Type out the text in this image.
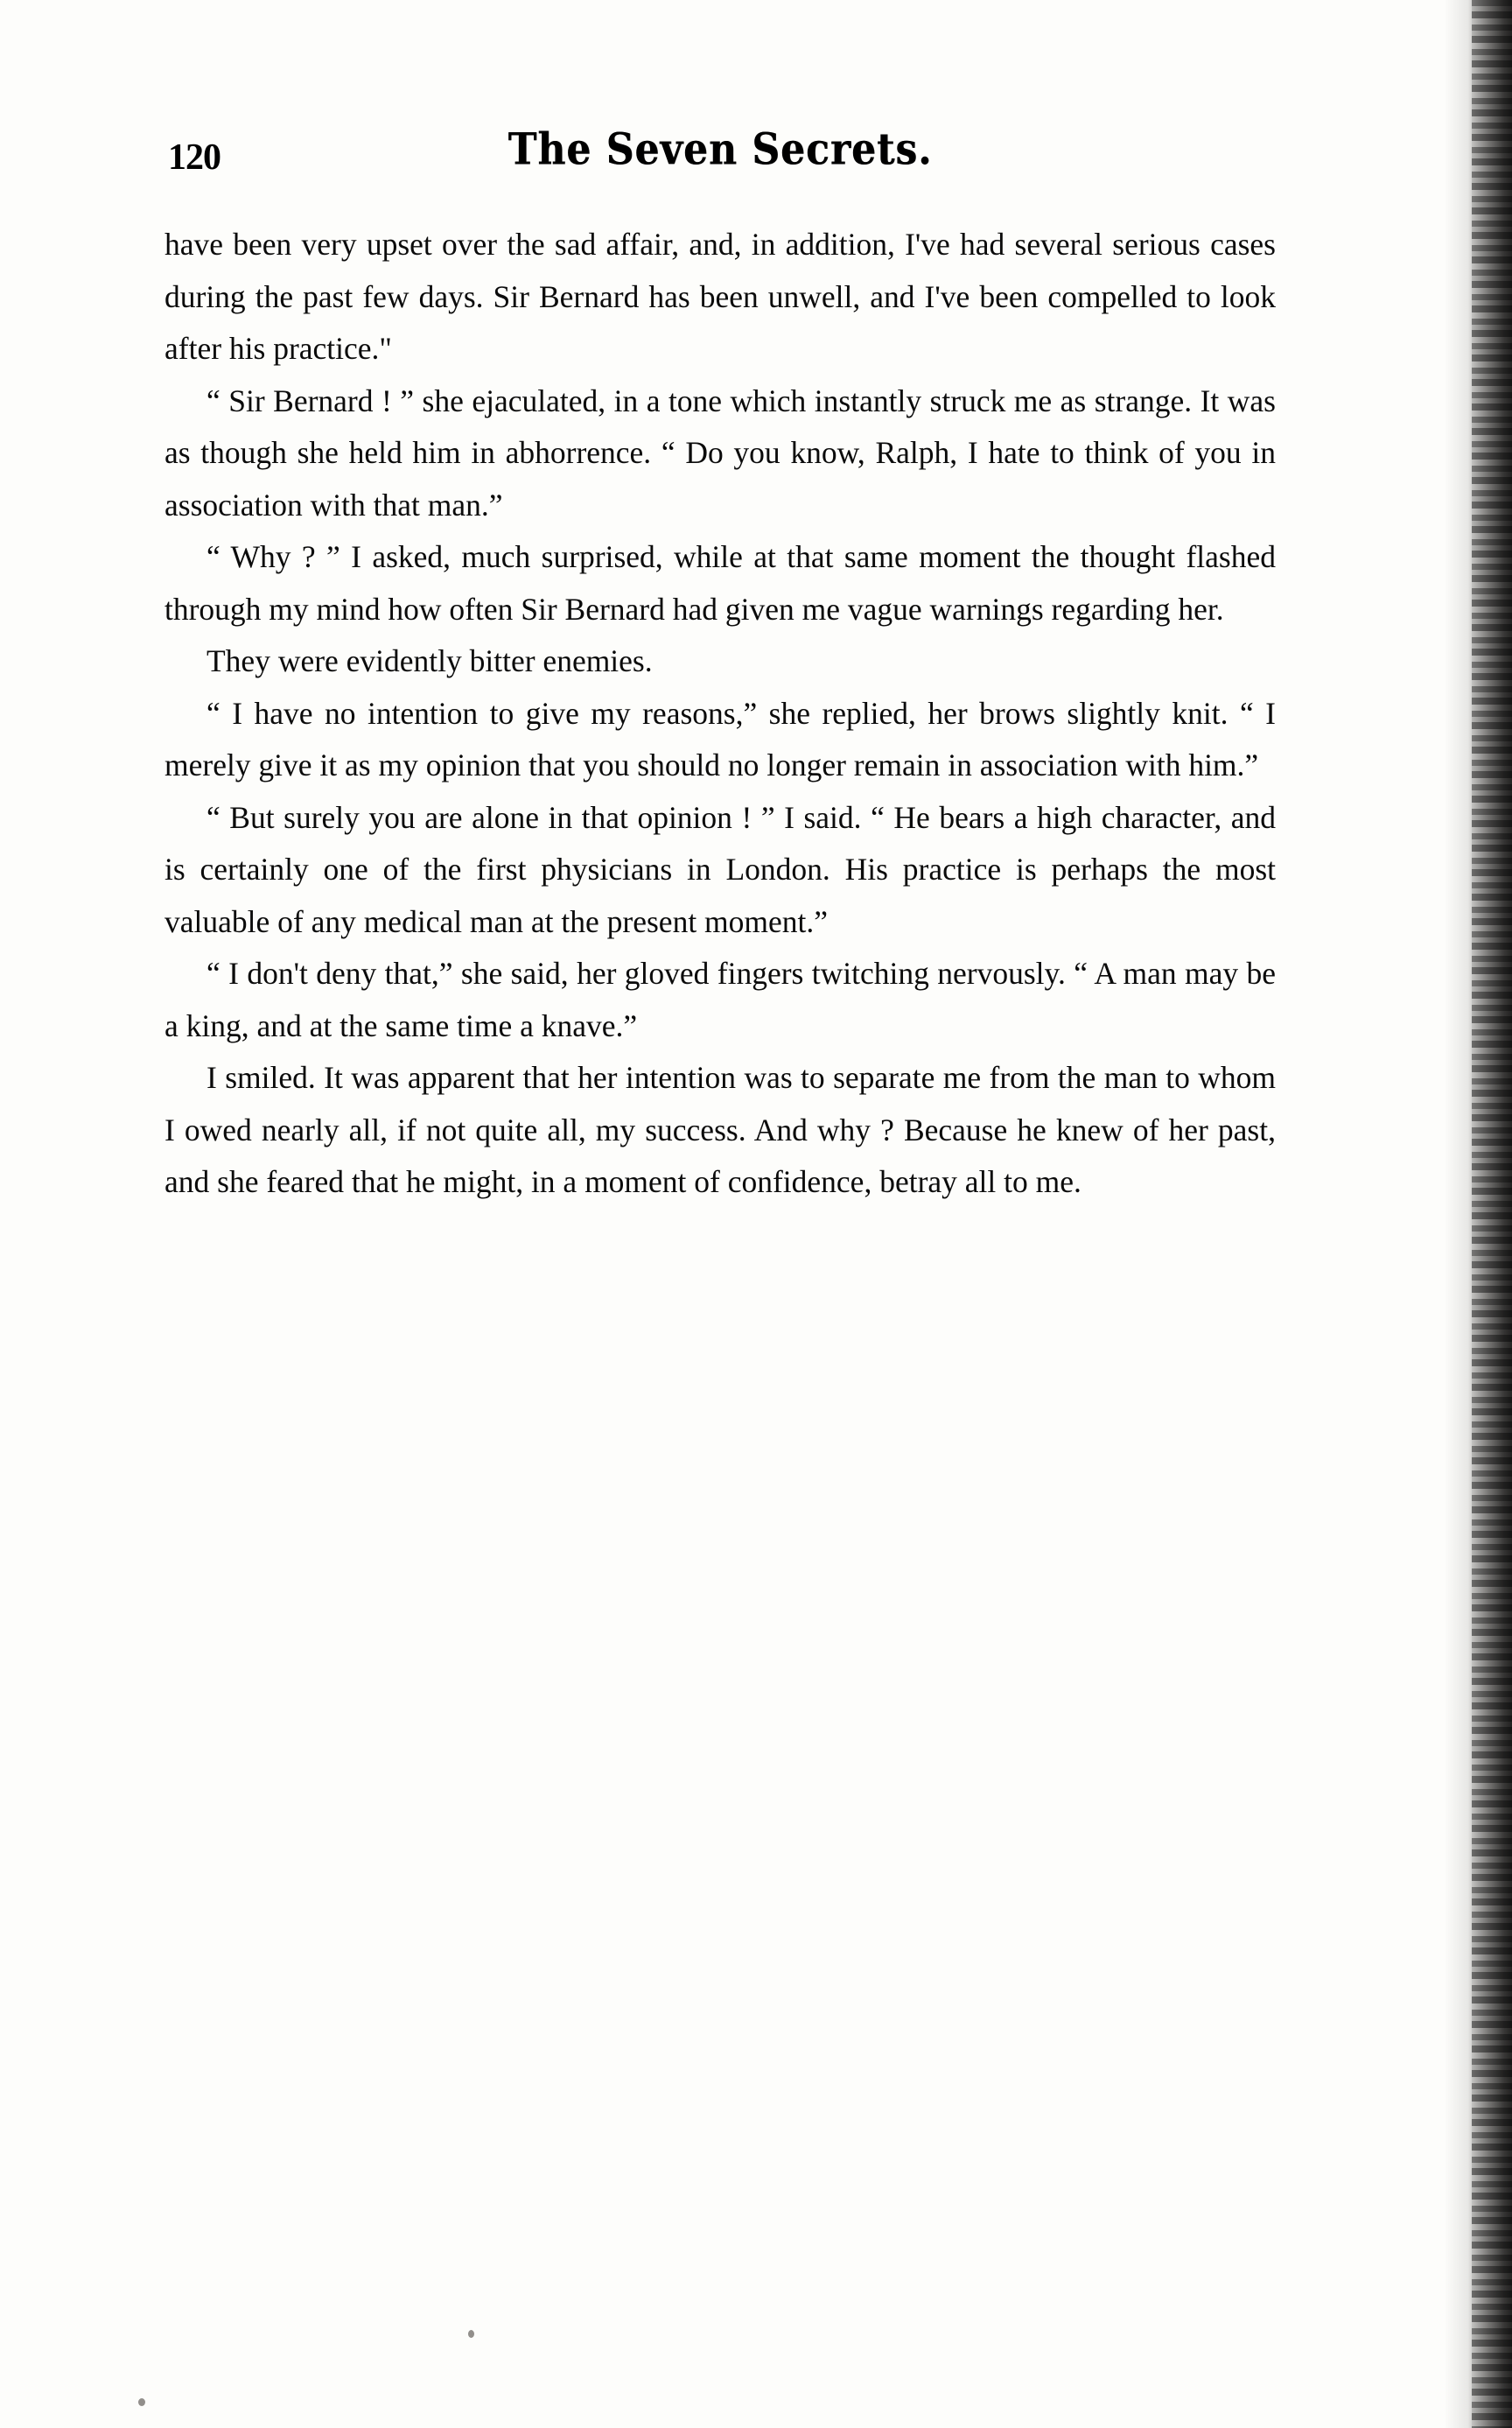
120	The Seven Secrets.

have been very upset over the sad affair, and, in addition, I've had several serious cases during the past few days. Sir Bernard has been unwell, and I've been compelled to look after his practice."

“ Sir Bernard ! ” she ejaculated, in a tone which instantly struck me as strange. It was as though she held him in abhorrence. “ Do you know, Ralph, I hate to think of you in association with that man.”

“ Why ? ” I asked, much surprised, while at that same moment the thought flashed through my mind how often Sir Bernard had given me vague warnings regarding her.

They were evidently bitter enemies.

“ I have no intention to give my reasons,” she replied, her brows slightly knit. “ I merely give it as my opinion that you should no longer remain in association with him.”

“ But surely you are alone in that opinion ! ” I said. “ He bears a high character, and is certainly one of the first physicians in London. His practice is perhaps the most valuable of any medical man at the present moment.”

“ I don't deny that,” she said, her gloved fingers twitching nervously. “ A man may be a king, and at the same time a knave.”

I smiled. It was apparent that her intention was to separate me from the man to whom I owed nearly all, if not quite all, my success. And why ? Because he knew of her past, and she feared that he might, in a moment of confidence, betray all to me.
